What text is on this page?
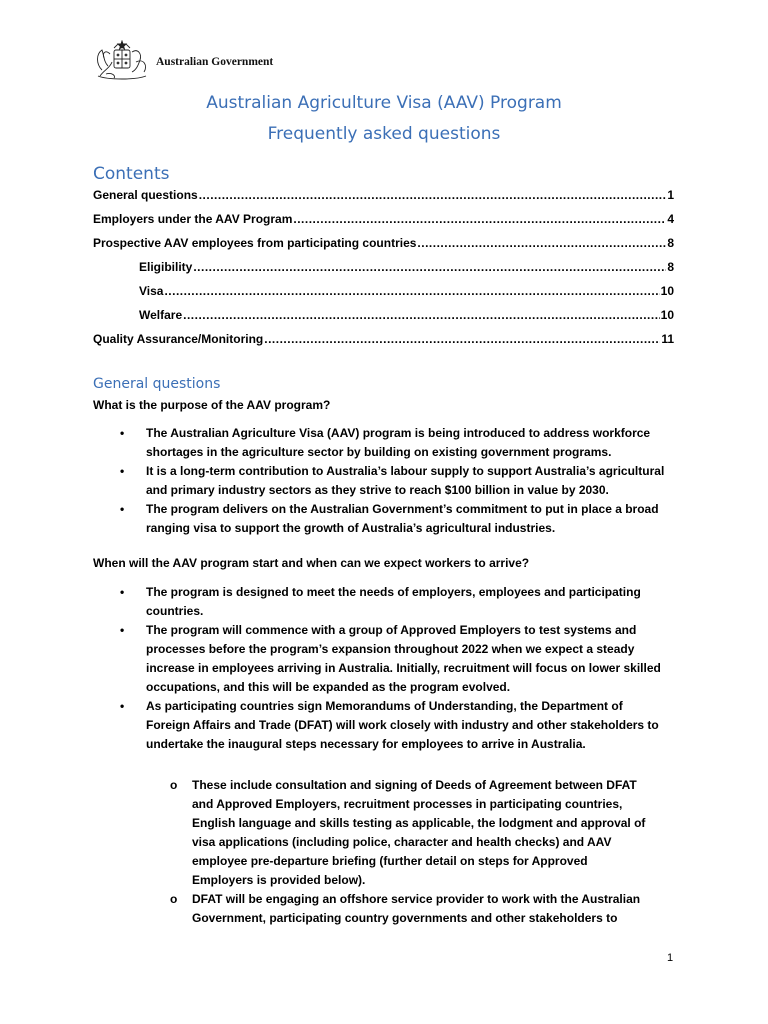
Australian Government
Australian Agriculture Visa (AAV) Program
Frequently asked questions
Contents
General questions .....	1
Employers under the AAV Program .....	4
Prospective AAV employees from participating countries .....	8
Eligibility .....	8
Visa .....	10
Welfare .....	10
Quality Assurance/Monitoring .....	11
General questions
What is the purpose of the AAV program?
• The Australian Agriculture Visa (AAV) program is being introduced to address workforce shortages in the agriculture sector by building on existing government programs.
• It is a long-term contribution to Australia’s labour supply to support Australia’s agricultural and primary industry sectors as they strive to reach $100 billion in value by 2030.
• The program delivers on the Australian Government’s commitment to put in place a broad ranging visa to support the growth of Australia’s agricultural industries.
When will the AAV program start and when can we expect workers to arrive?
• The program is designed to meet the needs of employers, employees and participating countries.
• The program will commence with a group of Approved Employers to test systems and processes before the program’s expansion throughout 2022 when we expect a steady increase in employees arriving in Australia. Initially, recruitment will focus on lower skilled occupations, and this will be expanded as the program evolved.
• As participating countries sign Memorandums of Understanding, the Department of Foreign Affairs and Trade (DFAT) will work closely with industry and other stakeholders to undertake the inaugural steps necessary for employees to arrive in Australia.
o These include consultation and signing of Deeds of Agreement between DFAT and Approved Employers, recruitment processes in participating countries, English language and skills testing as applicable, the lodgment and approval of visa applications (including police, character and health checks) and AAV employee pre-departure briefing (further detail on steps for Approved Employers is provided below).
o DFAT will be engaging an offshore service provider to work with the Australian Government, participating country governments and other stakeholders to
1
